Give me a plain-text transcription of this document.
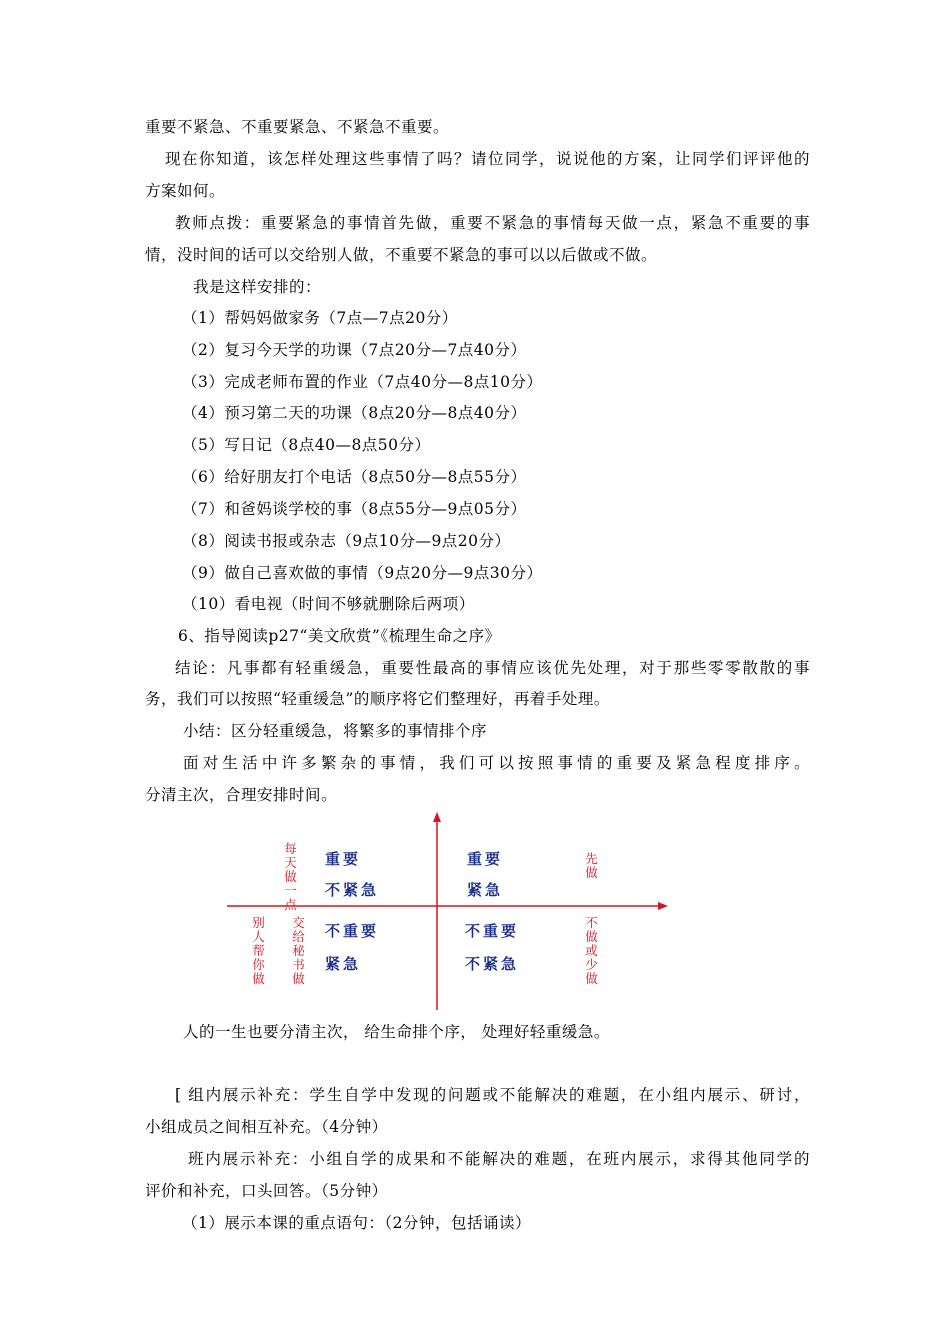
重要不紧急、不重要紧急、不紧急不重要。
现在你知道，该怎样处理这些事情了吗？请位同学，说说他的方案，让同学们评评他的
方案如何。
教师点拨：重要紧急的事情首先做，重要不紧急的事情每天做一点，紧急不重要的事
情，没时间的话可以交给别人做，不重要不紧急的事可以以后做或不做。
我是这样安排的：
（1）帮妈妈做家务（7点—7点20分）
（2）复习今天学的功课（7点20分—7点40分）
（3）完成老师布置的作业（7点40分—8点10分）
（4）预习第二天的功课（8点20分—8点40分）
（5）写日记（8点40—8点50分）
（6）给好朋友打个电话（8点50分—8点55分）
（7）和爸妈谈学校的事（8点55分—9点05分）
（8）阅读书报或杂志（9点10分—9点20分）
（9）做自己喜欢做的事情（9点20分—9点30分）
（10）看电视（时间不够就删除后两项）
6、指导阅读p27“美文欣赏”《梳理生命之序》
结论：凡事都有轻重缓急，重要性最高的事情应该优先处理，对于那些零零散散的事
务，我们可以按照“轻重缓急”的顺序将它们整理好，再着手处理。
小结：区分轻重缓急，将繁多的事情排个序
面对生活中许多繁杂的事情，我们可以按照事情的重要及紧急程度排序。
分清主次，合理安排时间。
重要
不紧急
重要
紧急
不重要
紧急
不重要
不紧急
每天做一点
先做
别人帮你做
交给秘书做
不做或少做
人的一生也要分清主次， 给生命排个序， 处理好轻重缓急。
[ 组内展示补充：学生自学中发现的问题或不能解决的难题，在小组内展示、研讨，
小组成员之间相互补充。（4分钟）
班内展示补充：小组自学的成果和不能解决的难题，在班内展示，求得其他同学的
评价和补充，口头回答。（5分钟）
（1）展示本课的重点语句：（2分钟，包括诵读）
